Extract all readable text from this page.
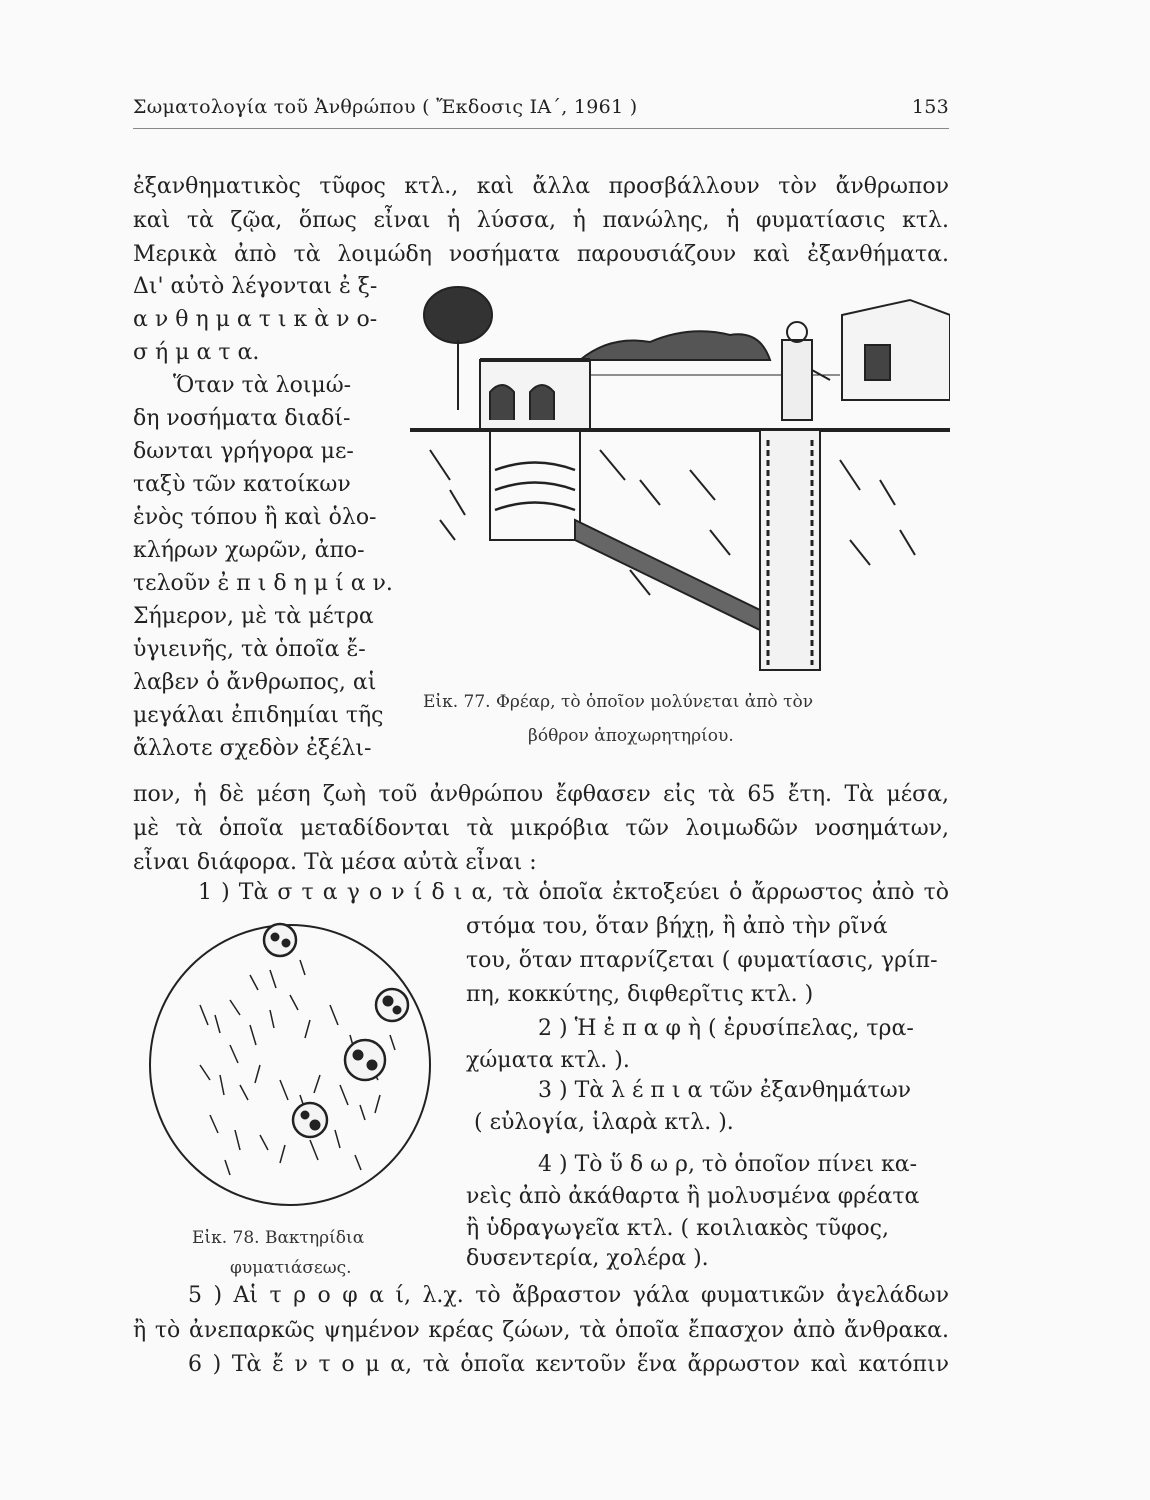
Σωματολογία τοῦ Ἀνθρώπου ( Ἔκδοσις ΙΑ΄, 1961 )	153
ἐξανθηματικὸς τῦφος κτλ., καὶ ἄλλα προσβάλλουν τὸν ἄνθρωπον
καὶ τὰ ζῷα, ὅπως εἶναι ἡ λύσσα, ἡ πανώλης, ἡ φυματίασις κτλ.
Μερικὰ ἀπὸ τὰ λοιμώδη νοσήματα παρουσιάζουν καὶ ἐξανθήματα.
Δι' αὐτὸ λέγονται ἐ ξ-
α ν θ η μ α τ ι κ ὰ ν ο-
σ ή μ α τ α.
Ὅταν τὰ λοιμώ-
δη νοσήματα διαδί-
δωνται γρήγορα με-
ταξὺ τῶν κατοίκων
ἑνὸς τόπου ἢ καὶ ὁλο-
κλήρων χωρῶν, ἀπο-
τελοῦν ἐ π ι δ η μ ί α ν.
Σήμερον, μὲ τὰ μέτρα
ὑγιεινῆς, τὰ ὁποῖα ἔ-
λαβεν ὁ ἄνθρωπος, αἱ
μεγάλαι ἐπιδημίαι τῆς
ἄλλοτε σχεδὸν ἐξέλι-
Εἰκ. 77. Φρέαρ, τὸ ὁποῖον μολύνεται ἀπὸ τὸν
βόθρον ἀποχωρητηρίου.
πον, ἡ δὲ μέση ζωὴ τοῦ ἀνθρώπου ἔφθασεν εἰς τὰ 65 ἔτη. Τὰ μέσα,
μὲ τὰ ὁποῖα μεταδίδονται τὰ μικρόβια τῶν λοιμωδῶν νοσημάτων,
εἶναι διάφορα. Τὰ μέσα αὐτὰ εἶναι :
1 ) Τὰ σ τ α γ ο ν ί δ ι α, τὰ ὁποῖα ἐκτοξεύει ὁ ἄρρωστος ἀπὸ τὸ
Εἰκ. 78. Βακτηρίδια
φυματιάσεως.
στόμα του, ὅταν βήχῃ, ἢ ἀπὸ τὴν ρῖνά
του, ὅταν πταρνίζεται ( φυματίασις, γρίπ-
πη, κοκκύτης, διφθερῖτις κτλ. )
2 ) Ἡ ἐ π α φ ὴ ( ἐρυσίπελας, τρα-
χώματα κτλ. ).
3 ) Τὰ λ έ π ι α τῶν ἐξανθημάτων
( εὐλογία, ἱλαρὰ κτλ. ).
4 ) Τὸ ὕ δ ω ρ, τὸ ὁποῖον πίνει κα-
νεὶς ἀπὸ ἀκάθαρτα ἢ μολυσμένα φρέατα
ἢ ὑδραγωγεῖα κτλ. ( κοιλιακὸς τῦφος,
δυσεντερία, χολέρα ).
5 ) Αἱ τ ρ ο φ α ί, λ.χ. τὸ ἄβραστον γάλα φυματικῶν ἀγελάδων
ἢ τὸ ἀνεπαρκῶς ψημένον κρέας ζώων, τὰ ὁποῖα ἔπασχον ἀπὸ ἄνθρακα.
6 ) Τὰ ἔ ν τ ο μ α, τὰ ὁποῖα κεντοῦν ἕνα ἄρρωστον καὶ κατόπιν
